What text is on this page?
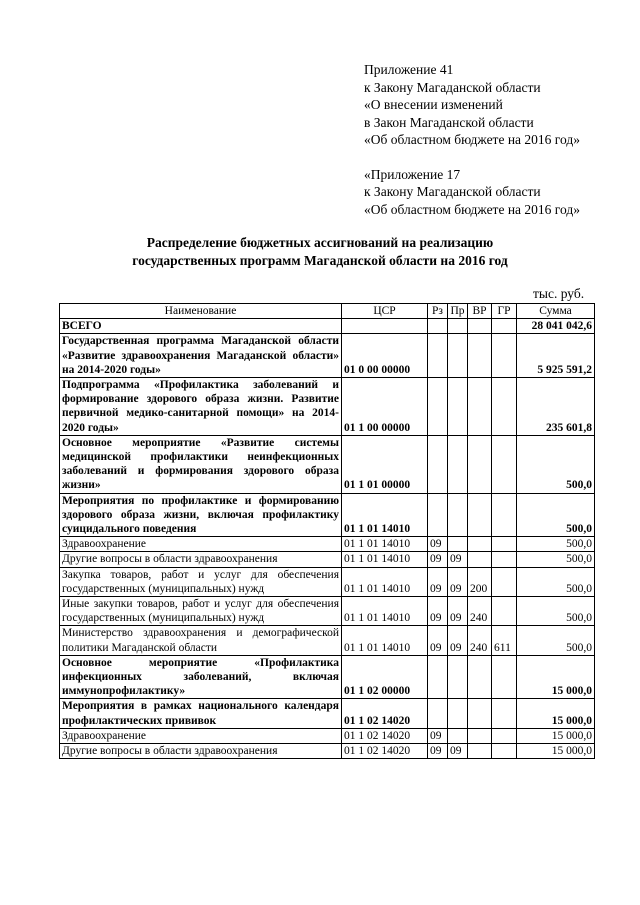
Приложение 41
к Закону Магаданской области
«О внесении изменений
в Закон Магаданской области
«Об областном бюджете на 2016 год»
«Приложение 17
к Закону Магаданской области
«Об областном бюджете на 2016 год»
Распределение бюджетных ассигнований на реализацию
государственных программ Магаданской области на 2016 год
тыс. руб.
Наименование	ЦСР	Рз	Пр	ВР	ГР	Сумма
ВСЕГО						28 041 042,6
Государственная программа Магаданской области «Развитие здравоохранения Магаданской области» на 2014-2020 годы»	01 0 00 00000					5 925 591,2
Подпрограмма «Профилактика заболеваний и формирование здорового образа жизни. Развитие первичной медико-санитарной помощи» на 2014-2020 годы»	01 1 00 00000					235 601,8
Основное мероприятие «Развитие системы медицинской профилактики неинфекционных заболеваний и формирования здорового образа жизни»	01 1 01 00000					500,0
Мероприятия по профилактике и формированию здорового образа жизни, включая профилактику суицидального поведения	01 1 01 14010					500,0
Здравоохранение	01 1 01 14010	09				500,0
Другие вопросы в области здравоохранения	01 1 01 14010	09	09			500,0
Закупка товаров, работ и услуг для обеспечения государственных (муниципальных) нужд	01 1 01 14010	09	09	200		500,0
Иные закупки товаров, работ и услуг для обеспечения государственных (муниципальных) нужд	01 1 01 14010	09	09	240		500,0
Министерство здравоохранения и демографической политики Магаданской области	01 1 01 14010	09	09	240	611	500,0
Основное мероприятие «Профилактика инфекционных заболеваний, включая иммунопрофилактику»	01 1 02 00000					15 000,0
Мероприятия в рамках национального календаря профилактических прививок	01 1 02 14020					15 000,0
Здравоохранение	01 1 02 14020	09				15 000,0
Другие вопросы в области здравоохранения	01 1 02 14020	09	09			15 000,0
